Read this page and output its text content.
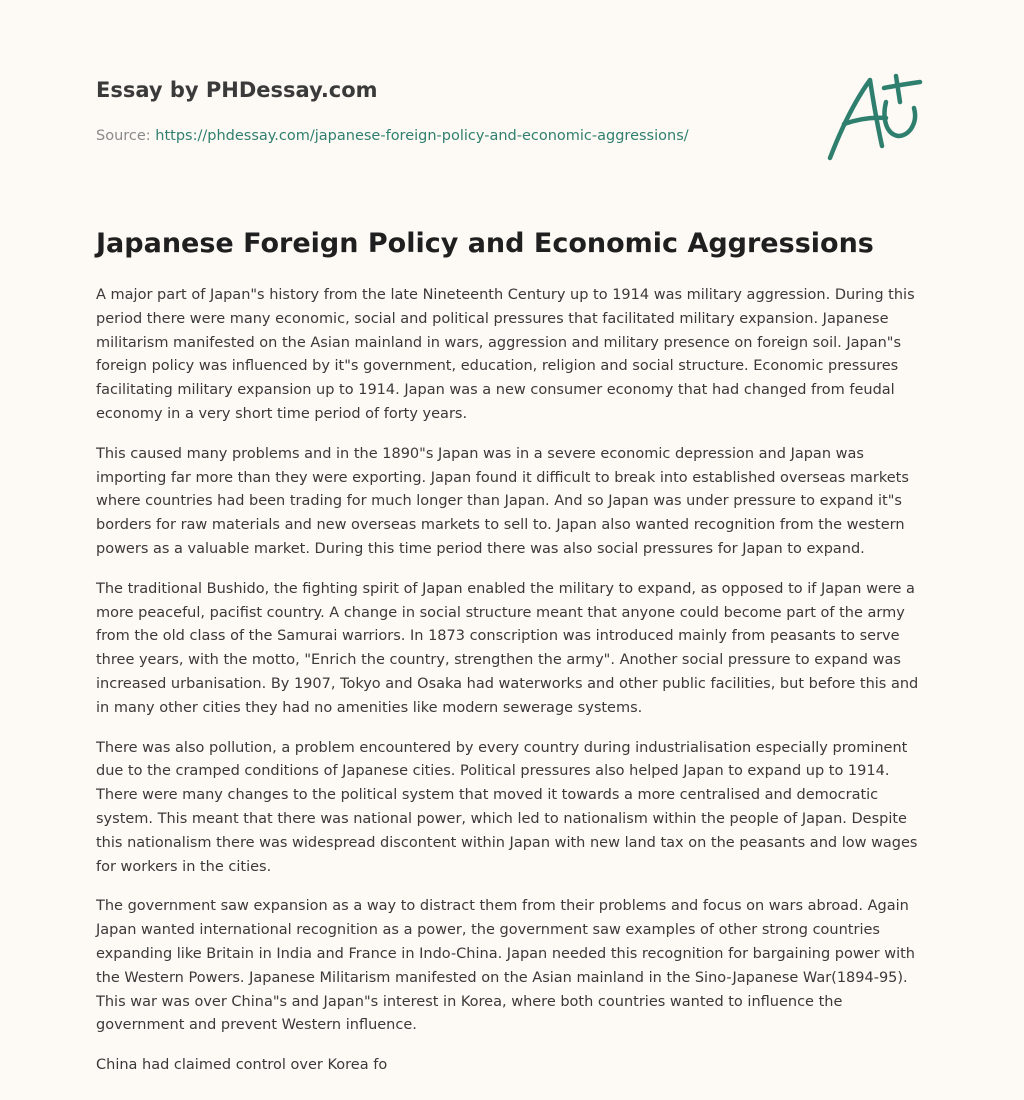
Essay by PHDessay.com
Source: https://phdessay.com/japanese-foreign-policy-and-economic-aggressions/
Japanese Foreign Policy and Economic Aggressions

A major part of Japan"s history from the late Nineteenth Century up to 1914 was military aggression. During this period there were many economic, social and political pressures that facilitated military expansion. Japanese militarism manifested on the Asian mainland in wars, aggression and military presence on foreign soil. Japan"s foreign policy was influenced by it"s government, education, religion and social structure. Economic pressures facilitating military expansion up to 1914. Japan was a new consumer economy that had changed from feudal economy in a very short time period of forty years.

This caused many problems and in the 1890"s Japan was in a severe economic depression and Japan was importing far more than they were exporting. Japan found it difficult to break into established overseas markets where countries had been trading for much longer than Japan. And so Japan was under pressure to expand it"s borders for raw materials and new overseas markets to sell to. Japan also wanted recognition from the western powers as a valuable market. During this time period there was also social pressures for Japan to expand.

The traditional Bushido, the fighting spirit of Japan enabled the military to expand, as opposed to if Japan were a more peaceful, pacifist country. A change in social structure meant that anyone could become part of the army from the old class of the Samurai warriors. In 1873 conscription was introduced mainly from peasants to serve three years, with the motto, "Enrich the country, strengthen the army". Another social pressure to expand was increased urbanisation. By 1907, Tokyo and Osaka had waterworks and other public facilities, but before this and in many other cities they had no amenities like modern sewerage systems.

There was also pollution, a problem encountered by every country during industrialisation especially prominent due to the cramped conditions of Japanese cities. Political pressures also helped Japan to expand up to 1914. There were many changes to the political system that moved it towards a more centralised and democratic system. This meant that there was national power, which led to nationalism within the people of Japan. Despite this nationalism there was widespread discontent within Japan with new land tax on the peasants and low wages for workers in the cities.

The government saw expansion as a way to distract them from their problems and focus on wars abroad. Again Japan wanted international recognition as a power, the government saw examples of other strong countries expanding like Britain in India and France in Indo-China. Japan needed this recognition for bargaining power with the Western Powers. Japanese Militarism manifested on the Asian mainland in the Sino-Japanese War(1894-95). This war was over China"s and Japan"s interest in Korea, where both countries wanted to influence the government and prevent Western influence.

China had claimed control over Korea fo
